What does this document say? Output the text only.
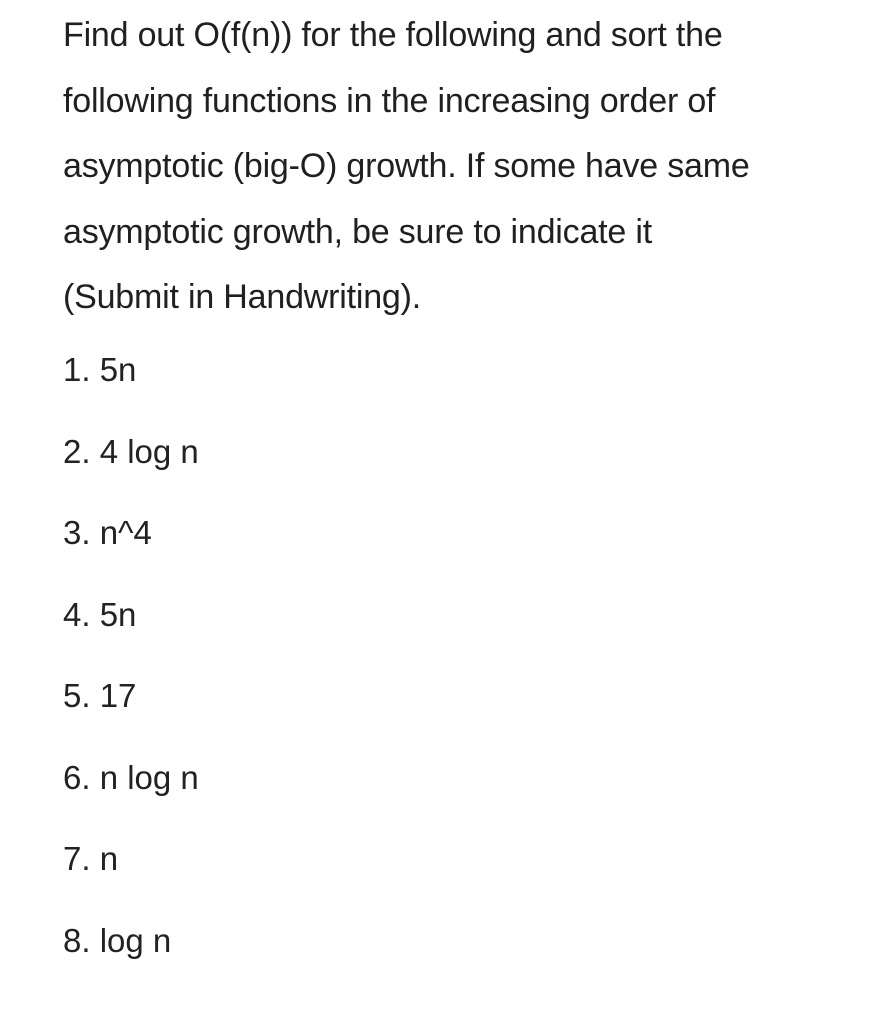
Find out O(f(n)) for the following and sort the
following functions in the increasing order of
asymptotic (big-O) growth. If some have same
asymptotic growth, be sure to indicate it
(Submit in Handwriting).

1. 5n
2. 4 log n
3. n^4
4. 5n
5. 17
6. n log n
7. n
8. log n
